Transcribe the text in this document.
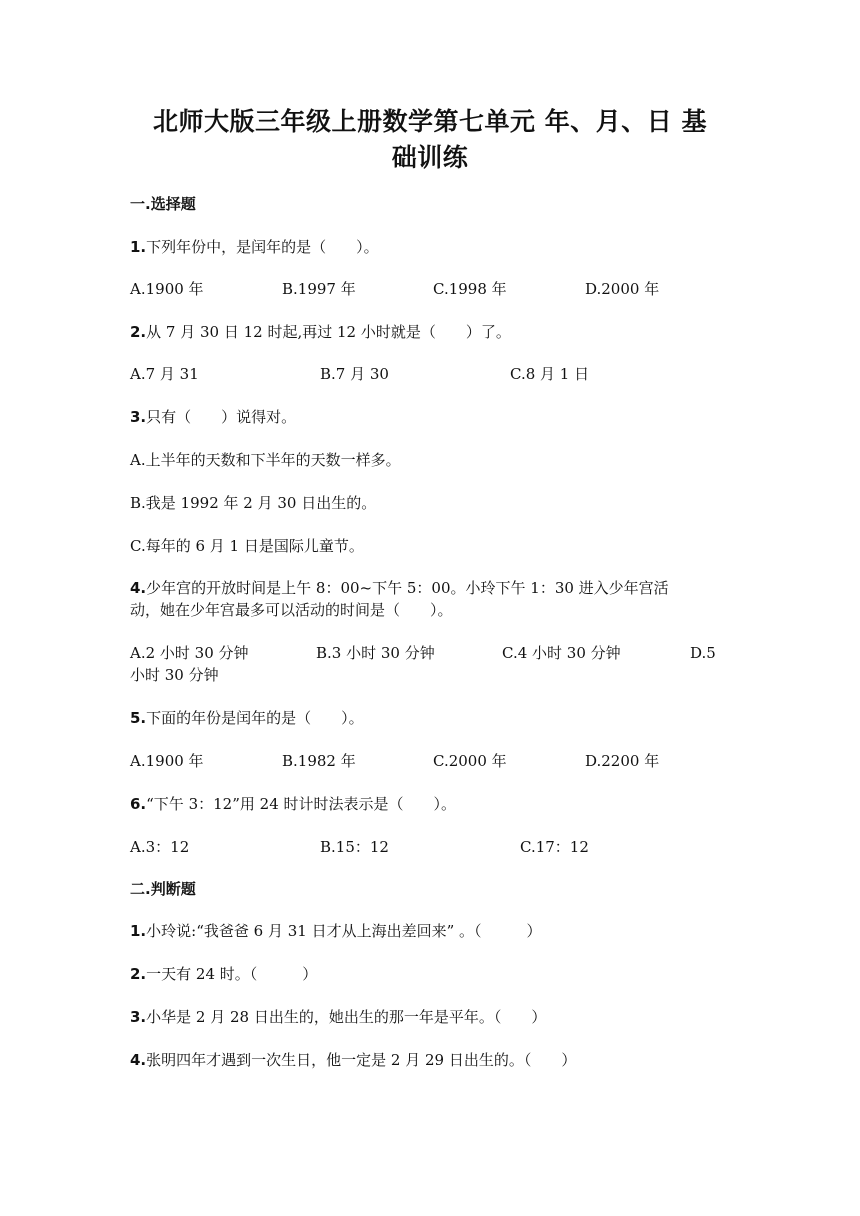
北师大版三年级上册数学第七单元 年、月、日 基
础训练
一.选择题
1.下列年份中，是闰年的是（　　）。
A.1900 年	B.1997 年	C.1998 年	D.2000 年
2.从 7 月 30 日 12 时起,再过 12 小时就是（　　）了。
A.7 月 31	B.7 月 30	C.8 月 1 日
3.只有（　　）说得对。
A.上半年的天数和下半年的天数一样多。
B.我是 1992 年 2 月 30 日出生的。
C.每年的 6 月 1 日是国际儿童节。
4.少年宫的开放时间是上午 8：00~下午 5：00。小玲下午 1：30 进入少年宫活
动，她在少年宫最多可以活动的时间是（　　）。
A.2 小时 30 分钟	B.3 小时 30 分钟	C.4 小时 30 分钟	D.5
小时 30 分钟
5.下面的年份是闰年的是（　　）。
A.1900 年	B.1982 年	C.2000 年	D.2200 年
6.“下午 3：12”用 24 时计时法表示是（　　）。
A.3：12	B.15：12	C.17：12
二.判断题
1.小玲说:“我爸爸 6 月 31 日才从上海出差回来” 。（　　　）
2.一天有 24 时。（　　　）
3.小华是 2 月 28 日出生的，她出生的那一年是平年。（　　）
4.张明四年才遇到一次生日，他一定是 2 月 29 日出生的。（　　）
